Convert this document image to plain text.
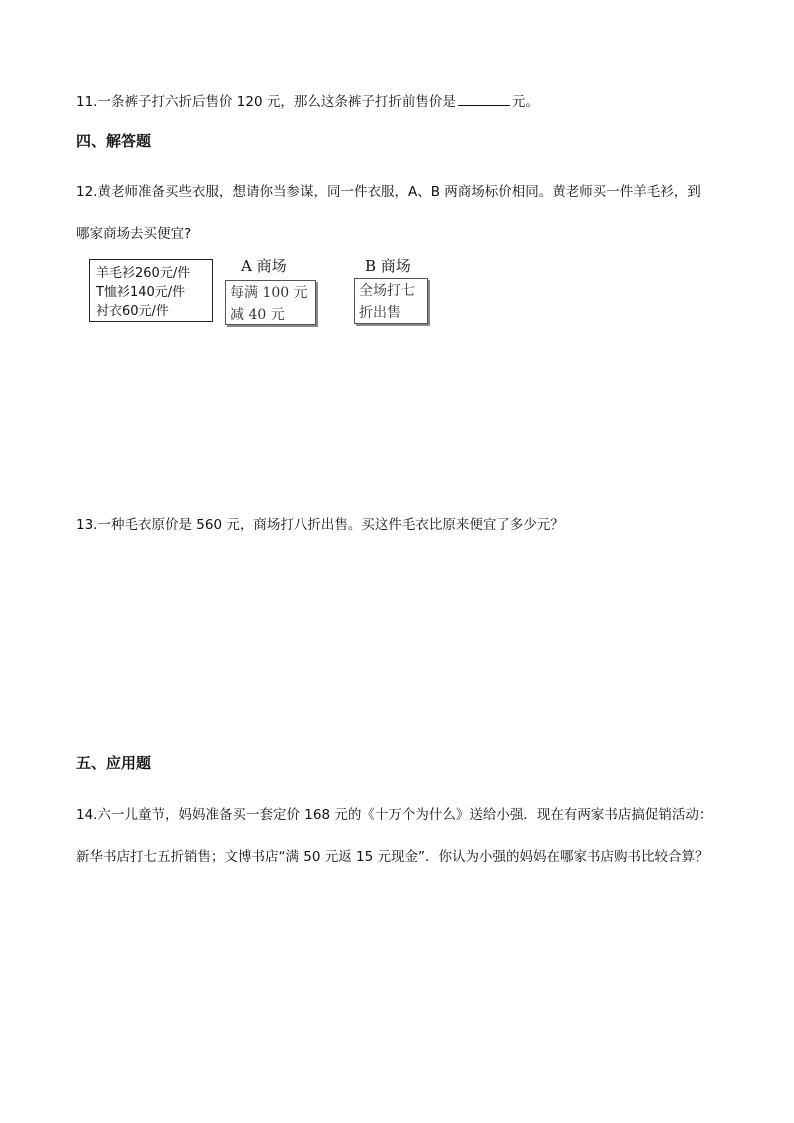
11.一条裤子打六折后售价 120 元，那么这条裤子打折前售价是	元。
四、解答题
12.黄老师准备买些衣服，想请你当参谋，同一件衣服，A、B 两商场标价相同。黄老师买一件羊毛衫，到
哪家商场去买便宜?
羊毛衫260元/件
T恤衫140元/件
衬衣60元/件
A 商场
每满 100 元
减 40 元
B 商场
全场打七
折出售
13.一种毛衣原价是 560 元，商场打八折出售。买这件毛衣比原来便宜了多少元？
五、应用题
14.六一儿童节，妈妈准备买一套定价 168 元的《十万个为什么》送给小强．现在有两家书店搞促销活动：
新华书店打七五折销售；文博书店“满 50 元返 15 元现金”．你认为小强的妈妈在哪家书店购书比较合算？
